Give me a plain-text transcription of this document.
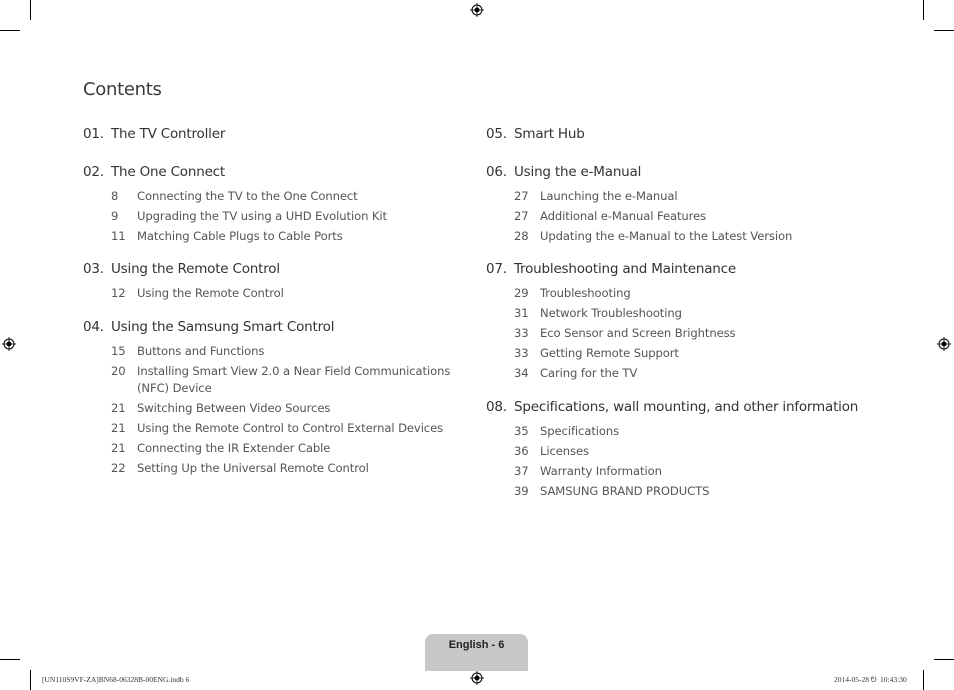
Contents
01. The TV Controller
02. The One Connect
8	Connecting the TV to the One Connect
9	Upgrading the TV using a UHD Evolution Kit
11 Matching Cable Plugs to Cable Ports
03. Using the Remote Control
12 Using the Remote Control
04. Using the Samsung Smart Control
15 Buttons and Functions
20 Installing Smart View 2.0 a Near Field Communications (NFC) Device
21 Switching Between Video Sources
21 Using the Remote Control to Control External Devices
21 Connecting the IR Extender Cable
22 Setting Up the Universal Remote Control
05. Smart Hub
06. Using the e-Manual
27 Launching the e-Manual
27 Additional e-Manual Features
28 Updating the e-Manual to the Latest Version
07. Troubleshooting and Maintenance
29 Troubleshooting
31 Network Troubleshooting
33 Eco Sensor and Screen Brightness
33 Getting Remote Support
34 Caring for the TV
08. Specifications, wall mounting, and other information
35 Specifications
36 Licenses
37 Warranty Information
39 SAMSUNG BRAND PRODUCTS
English - 6
[UN110S9VF-ZA]BN68-06328B-00ENG.indb 6	2014-05-28 ᣣ 10:43:30
